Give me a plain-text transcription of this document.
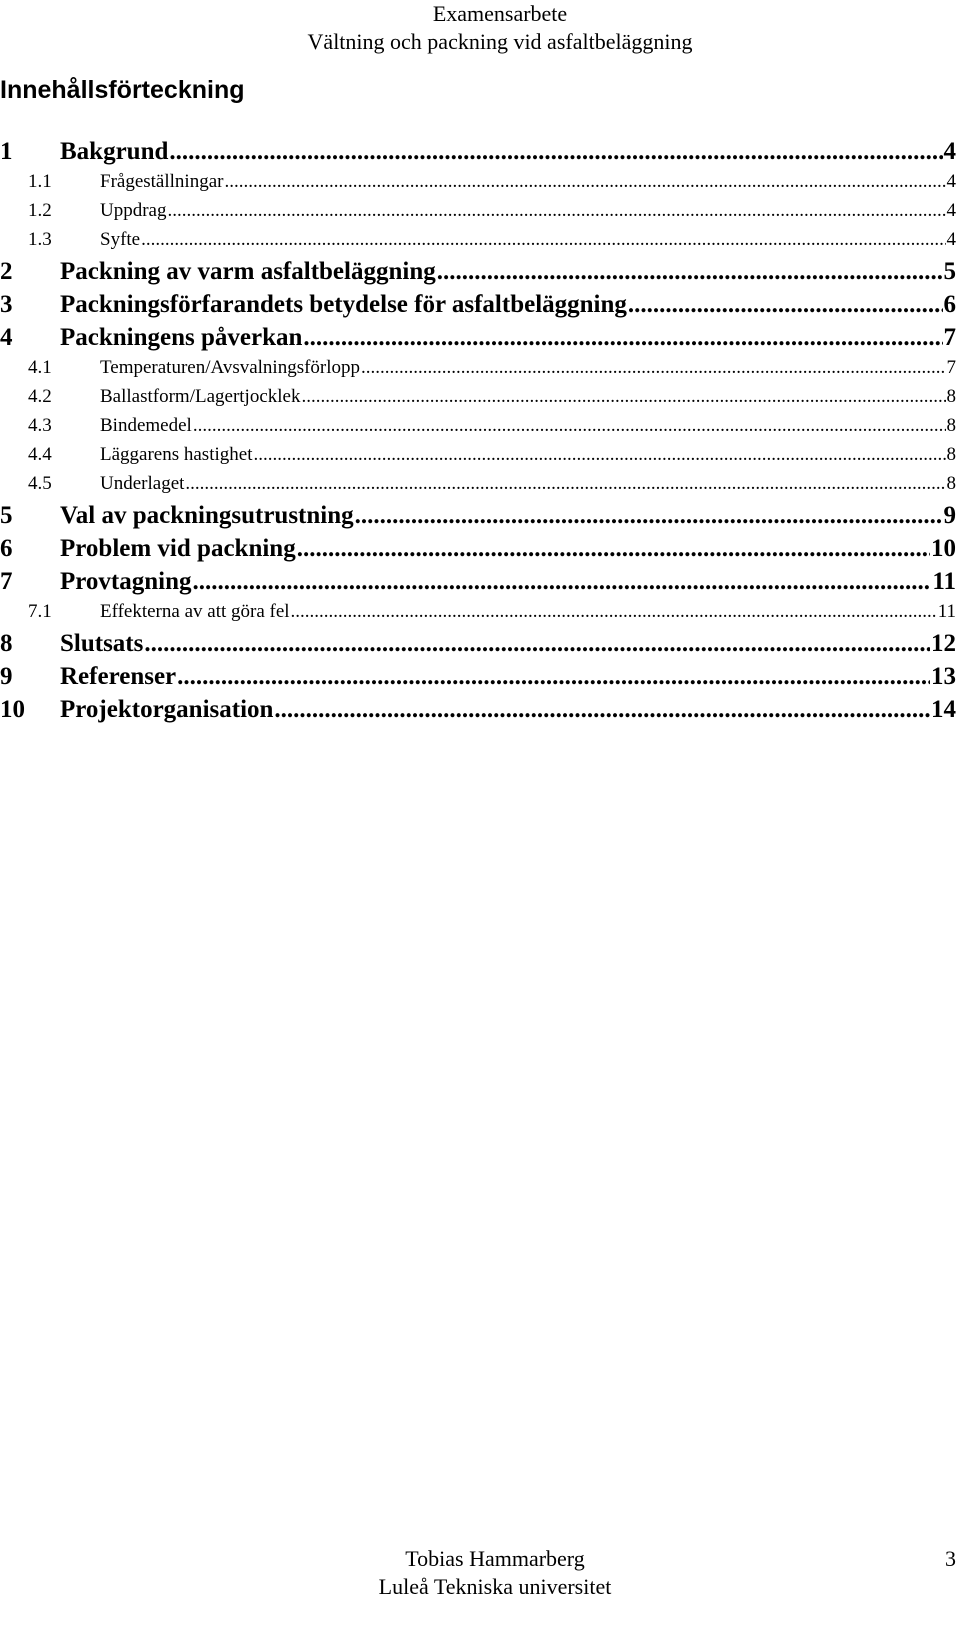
Examensarbete
Vältning och packning vid asfaltbeläggning
Innehållsförteckning
1	Bakgrund .....	4
1.1	Frågeställningar .....	4
1.2	Uppdrag .....	4
1.3	Syfte .....	4
2	Packning av varm asfaltbeläggning .....	5
3	Packningsförfarandets betydelse för asfaltbeläggning .....	6
4	Packningens påverkan .....	7
4.1	Temperaturen/Avsvalningsförlopp .....	7
4.2	Ballastform/Lagertjocklek .....	8
4.3	Bindemedel .....	8
4.4	Läggarens hastighet .....	8
4.5	Underlaget .....	8
5	Val av packningsutrustning .....	9
6	Problem vid packning .....	10
7	Provtagning .....	11
7.1	Effekterna av att göra fel .....	11
8	Slutsats .....	12
9	Referenser .....	13
10	Projektorganisation .....	14
Tobias Hammarberg
Luleå Tekniska universitet
3
